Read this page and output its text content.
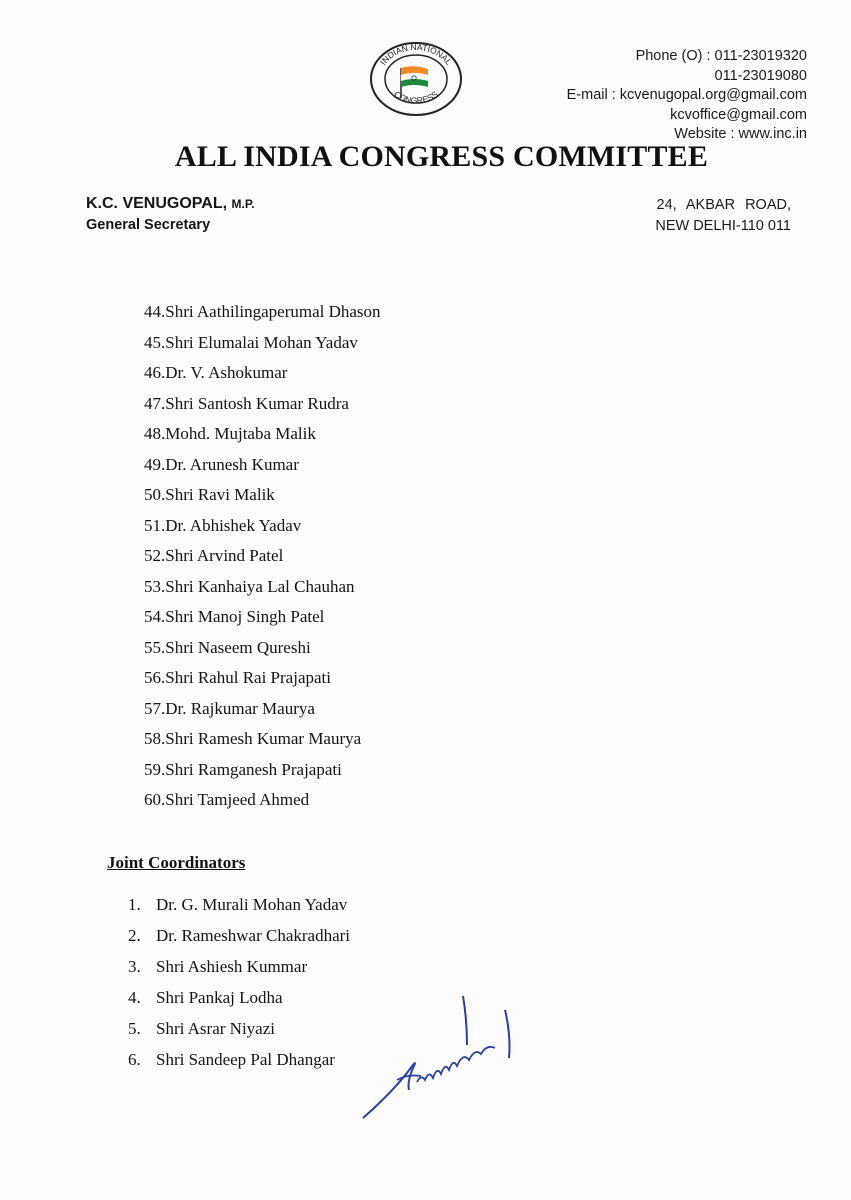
INDIAN NATIONAL
CONGRESS
Phone (O) : 011-23019320
011-23019080
E-mail : kcvenugopal.org@gmail.com
kcvoffice@gmail.com
Website : www.inc.in
ALL INDIA CONGRESS COMMITTEE
K.C. VENUGOPAL, M.P.
General Secretary
24, AKBAR ROAD,
NEW DELHI-110 011
44.Shri Aathilingaperumal Dhason
45.Shri Elumalai Mohan Yadav
46.Dr. V. Ashokumar
47.Shri Santosh Kumar Rudra
48.Mohd. Mujtaba Malik
49.Dr. Arunesh Kumar
50.Shri Ravi Malik
51.Dr. Abhishek Yadav
52.Shri Arvind Patel
53.Shri Kanhaiya Lal Chauhan
54.Shri Manoj Singh Patel
55.Shri Naseem Qureshi
56.Shri Rahul Rai Prajapati
57.Dr. Rajkumar Maurya
58.Shri Ramesh Kumar Maurya
59.Shri Ramganesh Prajapati
60.Shri Tamjeed Ahmed
Joint Coordinators
1. Dr. G. Murali Mohan Yadav
2. Dr. Rameshwar Chakradhari
3. Shri Ashiesh Kummar
4. Shri Pankaj Lodha
5. Shri Asrar Niyazi
6. Shri Sandeep Pal Dhangar
